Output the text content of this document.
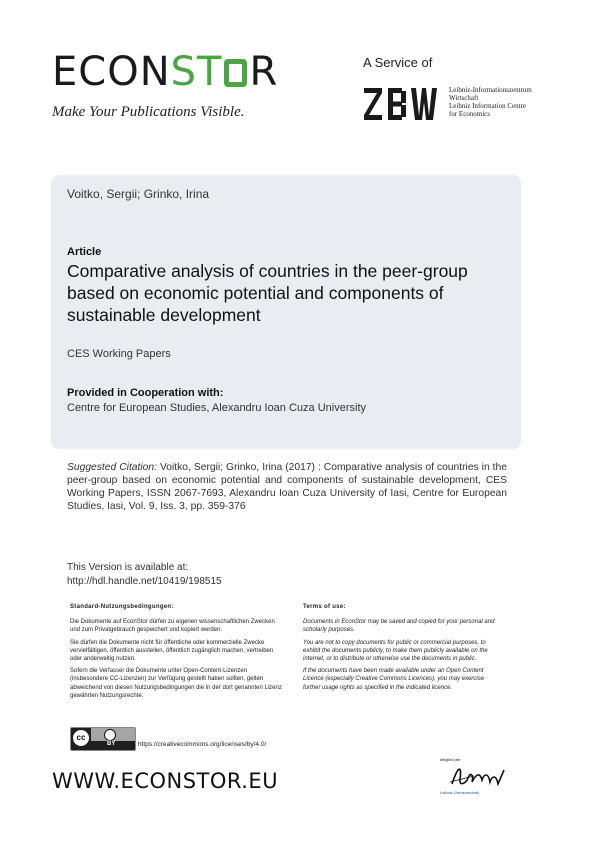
ECONST R
Make Your Publications Visible.
A Service of
Leibniz-Informationszentrum
Wirtschaft
Leibniz Information Centre
for Economics
Voitko, Sergii; Grinko, Irina
Article
Comparative analysis of countries in the peer-group based on economic potential and components of sustainable development
CES Working Papers
Provided in Cooperation with:
Centre for European Studies, Alexandru Ioan Cuza University
Suggested Citation: Voitko, Sergii; Grinko, Irina (2017) : Comparative analysis of countries in the peer-group based on economic potential and components of sustainable development, CES Working Papers, ISSN 2067-7693, Alexandru Ioan Cuza University of Iasi, Centre for European Studies, Iasi, Vol. 9, Iss. 3, pp. 359-376
This Version is available at:
http://hdl.handle.net/10419/198515

Standard-Nutzungsbedingungen:

Die Dokumente auf EconStor dürfen zu eigenen wissenschaftlichen Zwecken und zum Privatgebrauch gespeichert und kopiert werden.

Sie dürfen die Dokumente nicht für öffentliche oder kommerzielle Zwecke vervielfältigen, öffentlich ausstellen, öffentlich zugänglich machen, vertreiben oder anderweitig nutzen.

Sofern die Verfasser die Dokumente unter Open-Content-Lizenzen (insbesondere CC-Lizenzen) zur Verfügung gestellt haben sollten, gelten abweichend von diesen Nutzungsbedingungen die in der dort genannten Lizenz gewährten Nutzungsrechte.

Terms of use:

Documents in EconStor may be saved and copied for your personal and scholarly purposes.

You are not to copy documents for public or commercial purposes, to exhibit the documents publicly, to make them publicly available on the internet, or to distribute or otherwise use the documents in public.

If the documents have been made available under an Open Content Licence (especially Creative Commons Licences), you may exercise further usage rights as specified in the indicated licence.

cc
BY	https://creativecommons.org/licenses/by/4.0/
WWW.ECONSTOR.EU
Mitglied der
Leibniz-Gemeinschaft
